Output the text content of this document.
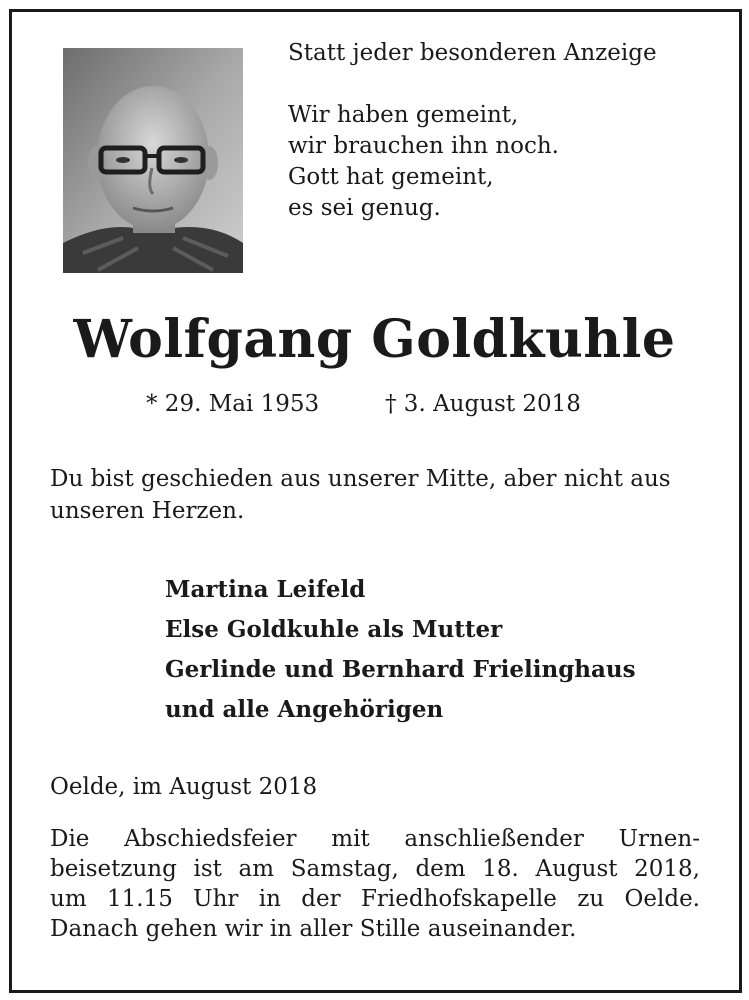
Statt jeder besonderen Anzeige

Wir haben gemeint,

wir brauchen ihn noch.

Gott hat gemeint,

es sei genug.

Wolfgang Goldkuhle
* 29. Mai 1953	† 3. August 2018
Du bist geschieden aus unserer Mitte, aber nicht aus unseren Herzen.
Martina Leifeld
Else Goldkuhle als Mutter
Gerlinde und Bernhard Frielinghaus
und alle Angehörigen
Oelde, im August 2018
Die Abschiedsfeier mit anschließender Urnen-
beisetzung ist am Samstag, dem 18. August 2018,
um 11.15 Uhr in der Friedhofskapelle zu Oelde.
Danach gehen wir in aller Stille auseinander.
